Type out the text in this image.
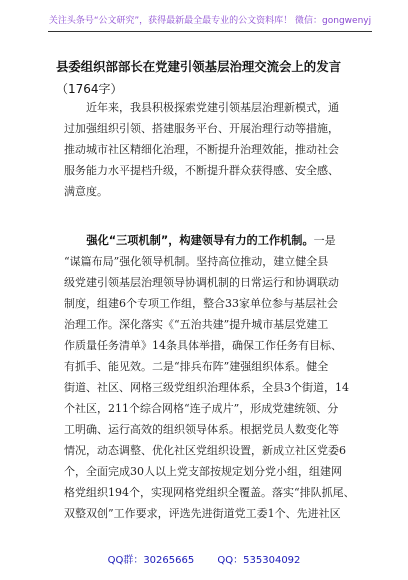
关注头条号“公文研究”，获得最新最全最专业的公文资料库！ 微信：gongwenyj
县委组织部部长在党建引领基层治理交流会上的发言
（1764字）
　　近年来，我县积极探索党建引领基层治理新模式，通
过加强组织引领、搭建服务平台、开展治理行动等措施，
推动城市社区精细化治理，不断提升治理效能，推动社会
服务能力水平提档升级，不断提升群众获得感、安全感、
满意度。
　　强化“三项机制”，构建领导有力的工作机制。一是
“谋篇布局”强化领导机制。坚持高位推动，建立健全县
级党建引领基层治理领导协调机制的日常运行和协调联动
制度，组建6个专项工作组，整合33家单位参与基层社会
治理工作。深化落实《“五治共建”提升城市基层党建工
作质量任务清单》14条具体举措，确保工作任务有目标、
有抓手、能见效。二是“排兵布阵”建强组织体系。健全
街道、社区、网格三级党组织治理体系，全县3个街道，14
个社区，211个综合网格“连子成片”，形成党建统领、分
工明确、运行高效的组织领导体系。根据党员人数变化等
情况，动态调整、优化社区党组织设置，新成立社区党委6
个，全面完成30人以上党支部按规定划分党小组，组建网
格党组织194个，实现网格党组织全覆盖。落实“排队抓尾、
双整双创”工作要求，评选先进街道党工委1个、先进社区
QQ群：30265665 QQ：535304092
